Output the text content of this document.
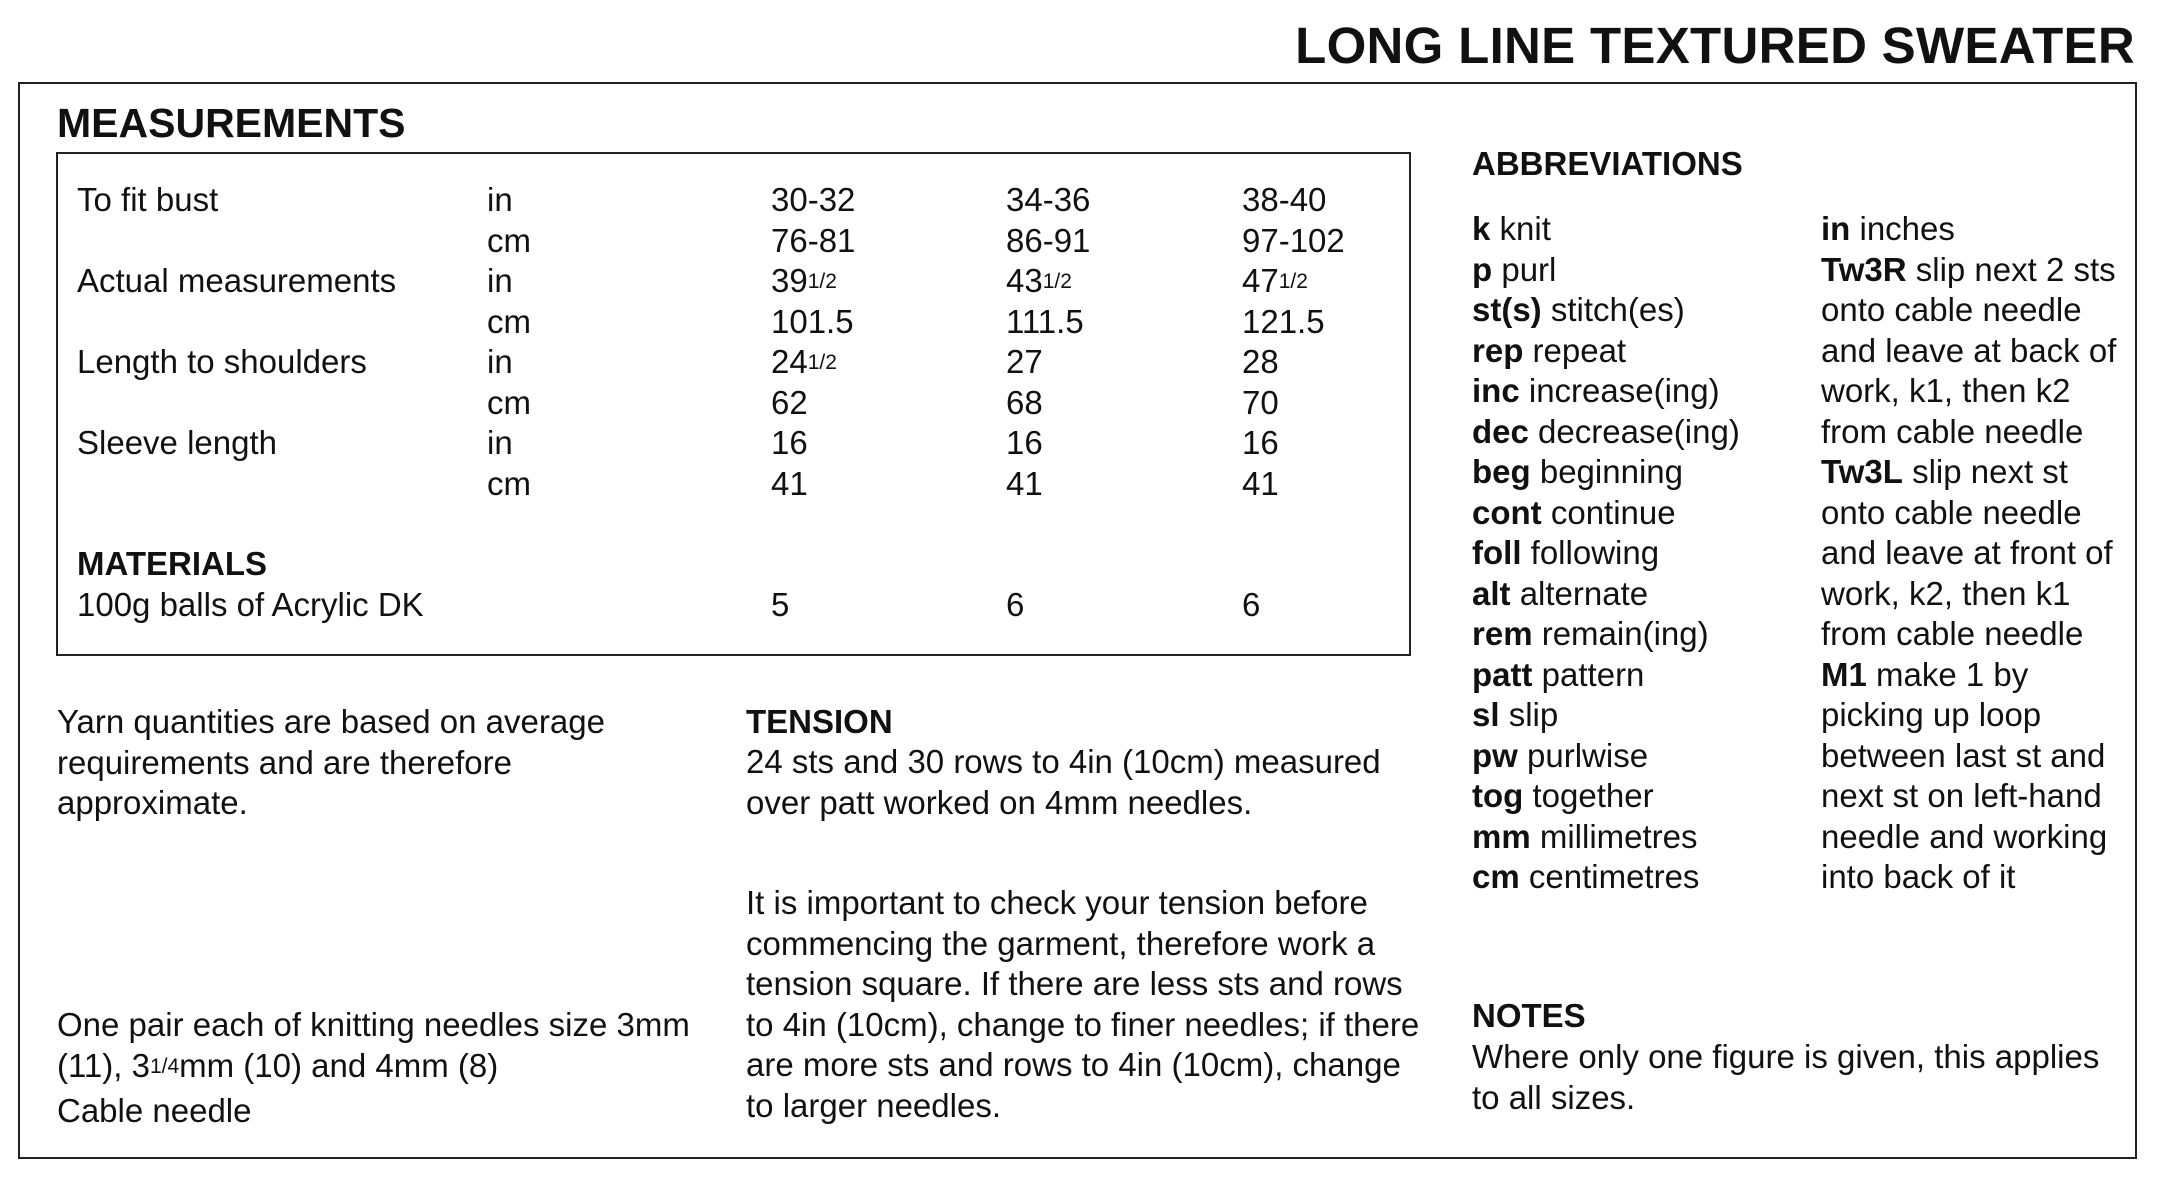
LONG LINE TEXTURED SWEATER
MEASUREMENTS
To fit bust	in	30-32	34-36	38-40
cm	76-81	86-91	97-102
Actual measurements	in	391/2	431/2	471/2
cm	101.5	111.5	121.5
Length to shoulders	in	241/2	27	28
cm	62	68	70
Sleeve length	in	16	16	16
cm	41	41	41
MATERIALS
100g balls of Acrylic DK	5	6	6
Yarn quantities are based on average requirements and are therefore approximate.
One pair each of knitting needles size 3mm
(11), 31/4mm (10) and 4mm (8)
Cable needle
TENSION
24 sts and 30 rows to 4in (10cm) measured over patt worked on 4mm needles.
It is important to check your tension before commencing the garment, therefore work a tension square. If there are less sts and rows to 4in (10cm), change to finer needles; if there are more sts and rows to 4in (10cm), change to larger needles.
ABBREVIATIONS
k knit
p purl
st(s) stitch(es)
rep repeat
inc increase(ing)
dec decrease(ing)
beg beginning
cont continue
foll following
alt alternate
rem remain(ing)
patt pattern
sl slip
pw purlwise
tog together
mm millimetres
cm centimetres
in inches
Tw3R slip next 2 sts onto cable needle and leave at back of work, k1, then k2 from cable needle
Tw3L slip next st onto cable needle and leave at front of work, k2, then k1 from cable needle
M1 make 1 by picking up loop between last st and next st on left-hand needle and working into back of it
NOTES
Where only one figure is given, this applies to all sizes.
